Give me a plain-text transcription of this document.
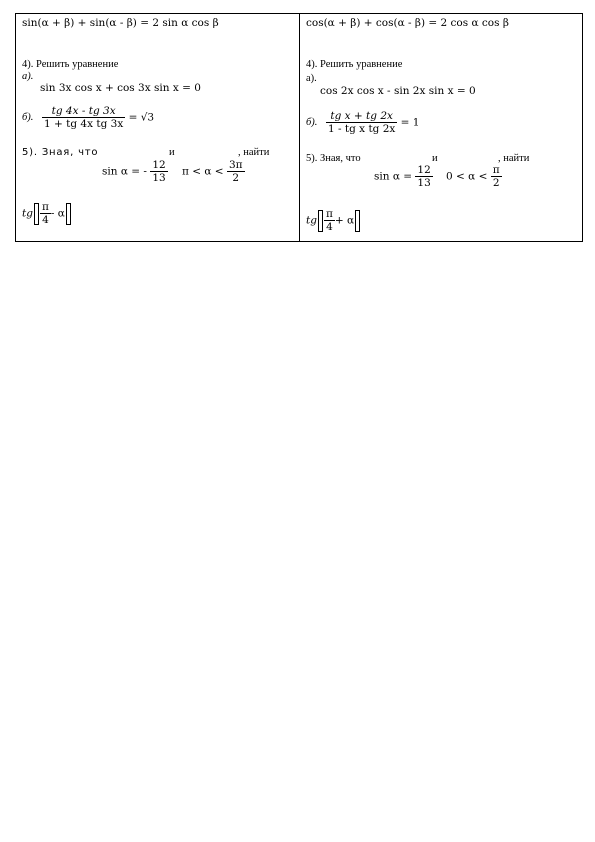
sin(α + β) + sin(α - β) = 2 sin α cos β
4). Решить уравнение
а).
sin 3x cos x + cos 3x sin x = 0
б). $\frac{tg 4x - tg 3x}{\text{1 + tg 4x tg 3x}} = √3$
5). Зная, что	и	, найти
sin α = - $\frac{12}{13}$ $\pi < \alpha < \frac{3\pi}{2}$
tg $\frac{\pi}{4}$ - α
cos(α + β) + cos(α - β) = 2 cos α cos β
4). Решить уравнение
а).
cos 2x cos x - sin 2x sin x = 0
б). $\frac{\text{tg x + tg 2x}}{\text{1 - tg x tg 2x}} = 1$
5). Зная, что	и	, найти
$\sin \alpha = \frac{12}{13} 0 < \alpha < \frac{\pi}{2}$
tg $\frac{\pi}{4} + \alpha$
